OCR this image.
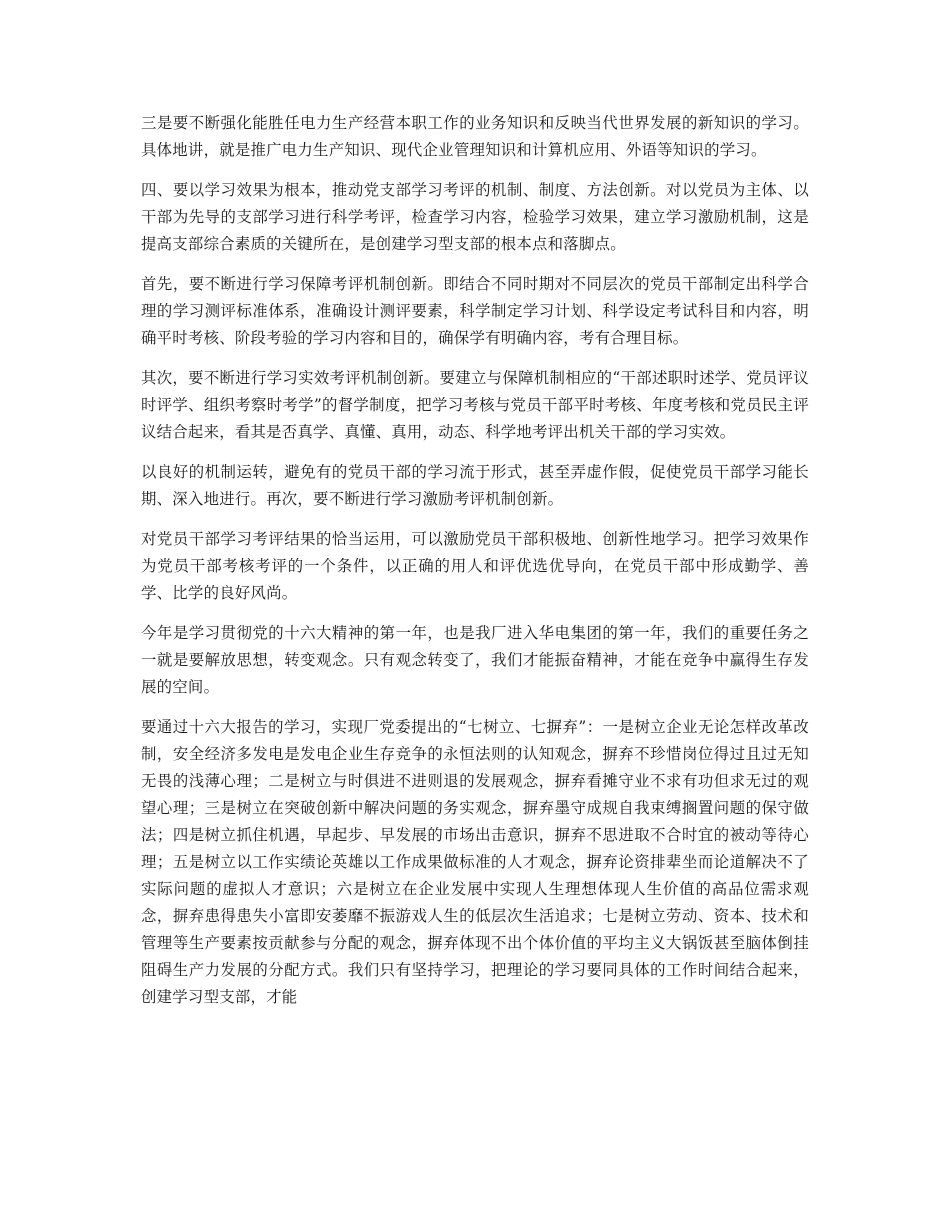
三是要不断强化能胜任电力生产经营本职工作的业务知识和反映当代世界发展的新知识的学习。具体地讲，就是推广电力生产知识、现代企业管理知识和计算机应用、外语等知识的学习。

四、要以学习效果为根本，推动党支部学习考评的机制、制度、方法创新。对以党员为主体、以干部为先导的支部学习进行科学考评，检查学习内容，检验学习效果，建立学习激励机制，这是提高支部综合素质的关键所在，是创建学习型支部的根本点和落脚点。

首先，要不断进行学习保障考评机制创新。即结合不同时期对不同层次的党员干部制定出科学合理的学习测评标准体系，准确设计测评要素，科学制定学习计划、科学设定考试科目和内容，明确平时考核、阶段考验的学习内容和目的，确保学有明确内容，考有合理目标。

其次，要不断进行学习实效考评机制创新。要建立与保障机制相应的“干部述职时述学、党员评议时评学、组织考察时考学”的督学制度，把学习考核与党员干部平时考核、年度考核和党员民主评议结合起来，看其是否真学、真懂、真用，动态、科学地考评出机关干部的学习实效。

以良好的机制运转，避免有的党员干部的学习流于形式，甚至弄虚作假，促使党员干部学习能长期、深入地进行。再次，要不断进行学习激励考评机制创新。

对党员干部学习考评结果的恰当运用，可以激励党员干部积极地、创新性地学习。把学习效果作为党员干部考核考评的一个条件，以正确的用人和评优选优导向，在党员干部中形成勤学、善学、比学的良好风尚。

今年是学习贯彻党的十六大精神的第一年，也是我厂进入华电集团的第一年，我们的重要任务之一就是要解放思想，转变观念。只有观念转变了，我们才能振奋精神，才能在竞争中赢得生存发展的空间。

要通过十六大报告的学习，实现厂党委提出的“七树立、七摒弃”：一是树立企业无论怎样改革改制，安全经济多发电是发电企业生存竞争的永恒法则的认知观念，摒弃不珍惜岗位得过且过无知无畏的浅薄心理；二是树立与时俱进不进则退的发展观念，摒弃看摊守业不求有功但求无过的观望心理；三是树立在突破创新中解决问题的务实观念，摒弃墨守成规自我束缚搁置问题的保守做法；四是树立抓住机遇，早起步、早发展的市场出击意识，摒弃不思进取不合时宜的被动等待心理；五是树立以工作实绩论英雄以工作成果做标准的人才观念，摒弃论资排辈坐而论道解决不了实际问题的虚拟人才意识；六是树立在企业发展中实现人生理想体现人生价值的高品位需求观念，摒弃患得患失小富即安萎靡不振游戏人生的低层次生活追求；七是树立劳动、资本、技术和管理等生产要素按贡献参与分配的观念，摒弃体现不出个体价值的平均主义大锅饭甚至脑体倒挂阻碍生产力发展的分配方式。我们只有坚持学习，把理论的学习要同具体的工作时间结合起来，创建学习型支部，才能
